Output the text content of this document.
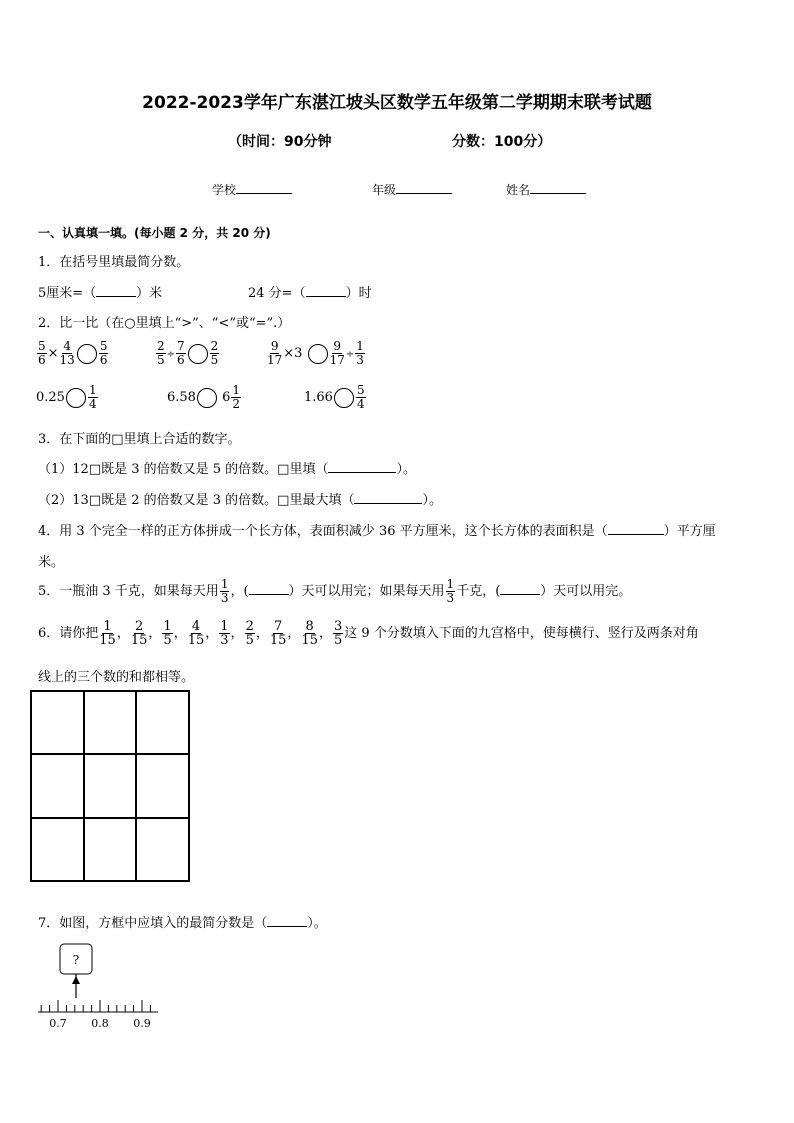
2022-2023学年广东湛江坡头区数学五年级第二学期期末联考试题
（时间：90分钟	分数：100分）
学校	年级	姓名
一、认真填一填。(每小题 2 分，共 20 分)
1．在括号里填最简分数。
5厘米=（	）米	24 分=（	）时
2．比一比（在○里填上“>”、“<”或“=”.）
$\frac{5}{6} \times \frac{4}{13} \frac{5}{6}$	$\frac{2}{5} \div \frac{7}{6} \frac{2}{5}$	$\frac{9}{17} \times 3 \frac{9}{17} \div \frac{1}{3}$
$0.25 \frac{1}{4}$	6.58 $6 \frac{1}{2}$	$1.66 \frac{5}{4}$
3．在下面的□里填上合适的数字。
（1）12□既是 3 的倍数又是 5 的倍数。□里填（	）。
（2）13□既是 2 的倍数又是 3 的倍数。□里最大填（	）。
4．用 3 个完全一样的正方体拼成一个长方体，表面积减少 36 平方厘米，这个长方体的表面积是（	）平方厘
米。
5．一瓶油 3 千克，如果每天用 $\frac{1}{3}$ ，(	）天可以用完；如果每天用 $\frac{1}{3}$ 千克，(	）天可以用完。
6．请你把 $\frac{1}{15}$ ， $\frac{2}{15}$ ， $\frac{1}{5}$ ， $\frac{4}{15}$ ， $\frac{1}{3}$ ， $\frac{2}{5}$ ， $\frac{7}{15}$ ， $\frac{8}{15}$ ， $\frac{3}{5}$ 这 9 个分数填入下面的九宫格中，使每横行、竖行及两条对角
线上的三个数的和都相等。
7．如图，方框中应填入的最简分数是（	）。
?
0.7 0.8 0.9
